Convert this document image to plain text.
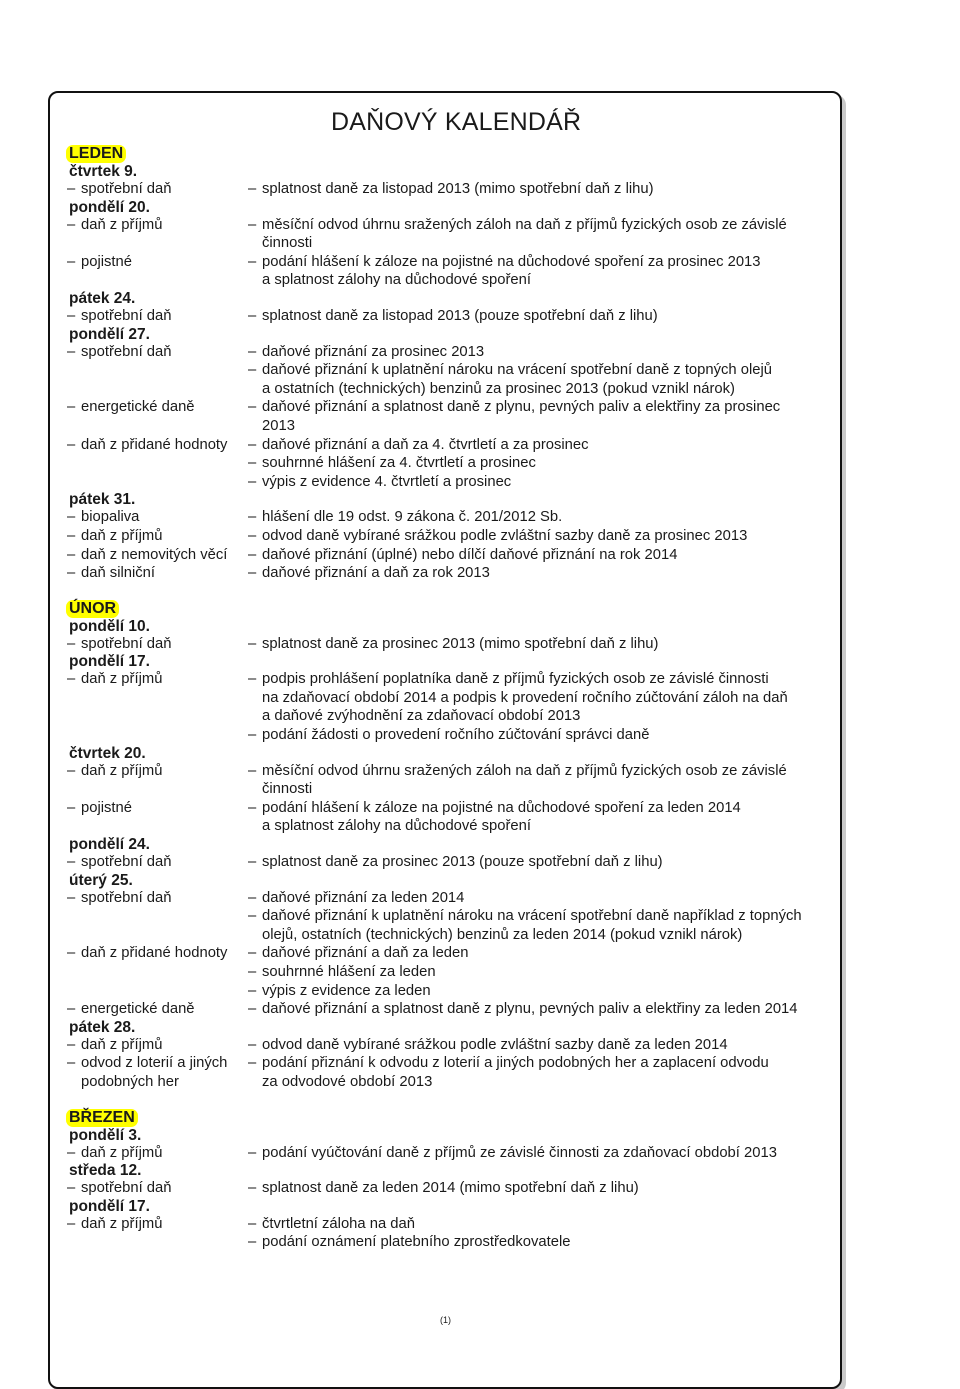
DAŇOVÝ KALENDÁŘ
LEDEN
čtvrtek 9.
– spotřební daň	– splatnost daně za listopad 2013 (mimo spotřební daň z lihu)
pondělí 20.
– daň z příjmů	– měsíční odvod úhrnu sražených záloh na daň z příjmů fyzických osob ze závislé
činnosti
– pojistné	– podání hlášení k záloze na pojistné na důchodové spoření za prosinec 2013
a splatnost zálohy na důchodové spoření
pátek 24.
– spotřební daň	– splatnost daně za listopad 2013 (pouze spotřební daň z lihu)
pondělí 27.
– spotřební daň	– daňové přiznání za prosinec 2013
– daňové přiznání k uplatnění nároku na vrácení spotřební daně z topných olejů
a ostatních (technických) benzinů za prosinec 2013 (pokud vznikl nárok)
– energetické daně	– daňové přiznání a splatnost daně z plynu, pevných paliv a elektřiny za prosinec
2013
– daň z přidané hodnoty – daňové přiznání a daň za 4. čtvrtletí a za prosinec
– souhrnné hlášení za 4. čtvrtletí a prosinec
– výpis z evidence 4. čtvrtletí a prosinec
pátek 31.
– biopaliva	– hlášení dle 19 odst. 9 zákona č. 201/2012 Sb.
– daň z příjmů	– odvod daně vybírané srážkou podle zvláštní sazby daně za prosinec 2013
– daň z nemovitých věcí – daňové přiznání (úplné) nebo dílčí daňové přiznání na rok 2014
– daň silniční	– daňové přiznání a daň za rok 2013
ÚNOR
pondělí 10.
– spotřební daň	– splatnost daně za prosinec 2013 (mimo spotřební daň z lihu)
pondělí 17.
– daň z příjmů	– podpis prohlášení poplatníka daně z příjmů fyzických osob ze závislé činnosti
na zdaňovací období 2014 a podpis k provedení ročního zúčtování záloh na daň
a daňové zvýhodnění za zdaňovací období 2013
– podání žádosti o provedení ročního zúčtování správci daně
čtvrtek 20.
– daň z příjmů	– měsíční odvod úhrnu sražených záloh na daň z příjmů fyzických osob ze závislé
činnosti
– pojistné	– podání hlášení k záloze na pojistné na důchodové spoření za leden 2014
a splatnost zálohy na důchodové spoření
pondělí 24.
– spotřební daň	– splatnost daně za prosinec 2013 (pouze spotřební daň z lihu)
úterý 25.
– spotřební daň	– daňové přiznání za leden 2014
– daňové přiznání k uplatnění nároku na vrácení spotřební daně například z topných
olejů, ostatních (technických) benzinů za leden 2014 (pokud vznikl nárok)
– daň z přidané hodnoty – daňové přiznání a daň za leden
– souhrnné hlášení za leden
– výpis z evidence za leden
– energetické daně	– daňové přiznání a splatnost daně z plynu, pevných paliv a elektřiny za leden 2014
pátek 28.
– daň z příjmů	– odvod daně vybírané srážkou podle zvláštní sazby daně za leden 2014
– odvod z loterií a jiných
podobných her
– podání přiznání k odvodu z loterií a jiných podobných her a zaplacení odvodu
za odvodové období 2013
BŘEZEN
pondělí 3.
– daň z příjmů	– podání vyúčtování daně z příjmů ze závislé činnosti za zdaňovací období 2013
středa 12.
– spotřební daň	– splatnost daně za leden 2014 (mimo spotřební daň z lihu)
pondělí 17.
– daň z příjmů	– čtvrtletní záloha na daň
– podání oznámení platebního zprostředkovatele
(1)
